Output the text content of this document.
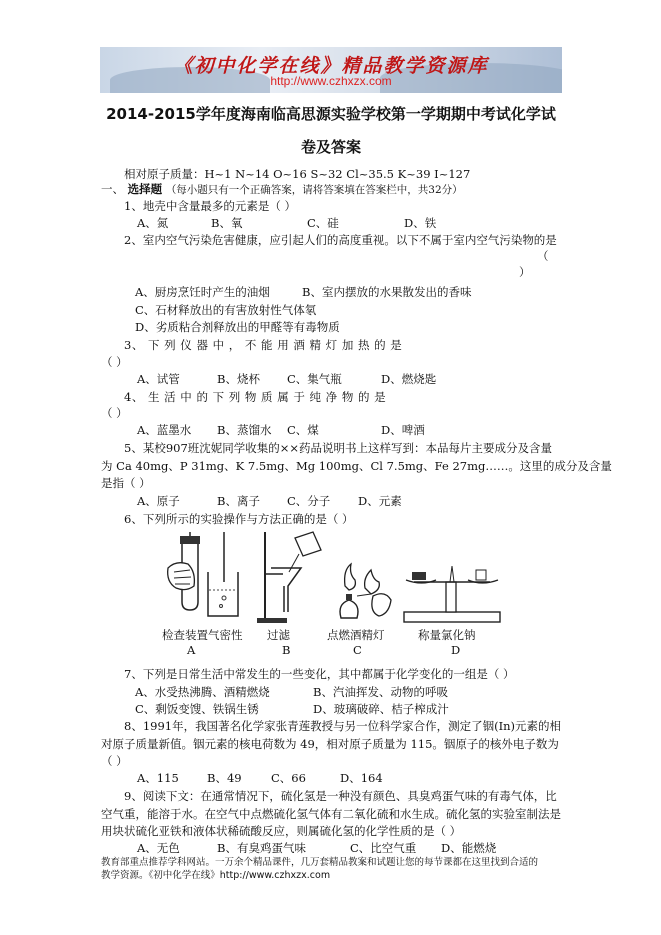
《初中化学在线》精品教学资源库
http://www.czhxzx.com
2014-2015学年度海南临高思源实验学校第一学期期中考试化学试
卷及答案
相对原子质量：H~1 N~14 O~16 S~32 Cl~35.5 K~39 I~127
一、 选择题 （每小题只有一个正确答案，请将答案填在答案栏中，共32分）
1、地壳中含量最多的元素是（ ）
A、氮	B、氧	C、硅	D、铁
2、室内空气污染危害健康，应引起人们的高度重视。以下不属于室内空气污染物的是
（
）
A、厨房烹饪时产生的油烟	B、室内摆放的水果散发出的香味
C、石材释放出的有害放射性气体氡
D、劣质粘合剂释放出的甲醛等有毒物质
3、 下 列 仪 器 中 ， 不 能 用 酒 精 灯 加 热 的 是
（ ）
A、试管	B、烧杯 C、集气瓶	D、燃烧匙
4、 生 活 中 的 下 列 物 质 属 于 纯 净 物 的 是
（ ）
A、蓝墨水 B、蒸馏水 C、煤	D、啤酒
5、某校907班沈妮同学收集的××药品说明书上这样写到：本品每片主要成分及含量
为 Ca 40mg、P 31mg、K 7.5mg、Mg 100mg、Cl 7.5mg、Fe 27mg……。这里的成分及含量
是指（ ）
A、原子	B、离子 C、分子 D、元素
6、下列所示的实验操作与方法正确的是（ ）
检查装置气密性 过滤	点燃酒精灯	称量氯化钠
A	B	C	D
7、下列是日常生活中常发生的一些变化，其中都属于化学变化的一组是（ ）
A、水受热沸腾、酒精燃烧	B、汽油挥发、动物的呼吸
C、剩饭变馊、铁锅生锈	D、玻璃破碎、桔子榨成汁
8、1991年，我国著名化学家张青莲教授与另一位科学家合作，测定了铟(In)元素的相
对原子质量新值。铟元素的核电荷数为 49，相对原子质量为 115。铟原子的核外电子数为
（ ）
A、115 B、49	C、66	D、164
9、阅读下文：在通常情况下，硫化氢是一种没有颜色、具臭鸡蛋气味的有毒气体，比
空气重，能溶于水。在空气中点燃硫化氢气体有二氧化硫和水生成。硫化氢的实验室制法是
用块状硫化亚铁和液体状稀硫酸反应，则属硫化氢的化学性质的是（ ）
A、无色	B、有臭鸡蛋气味	C、比空气重 D、能燃烧
教育部重点推荐学科网站。一万余个精品课件，几万套精品教案和试题让您的每节课都在这里找到合适的
教学资源。《初中化学在线》http://www.czhxzx.com
